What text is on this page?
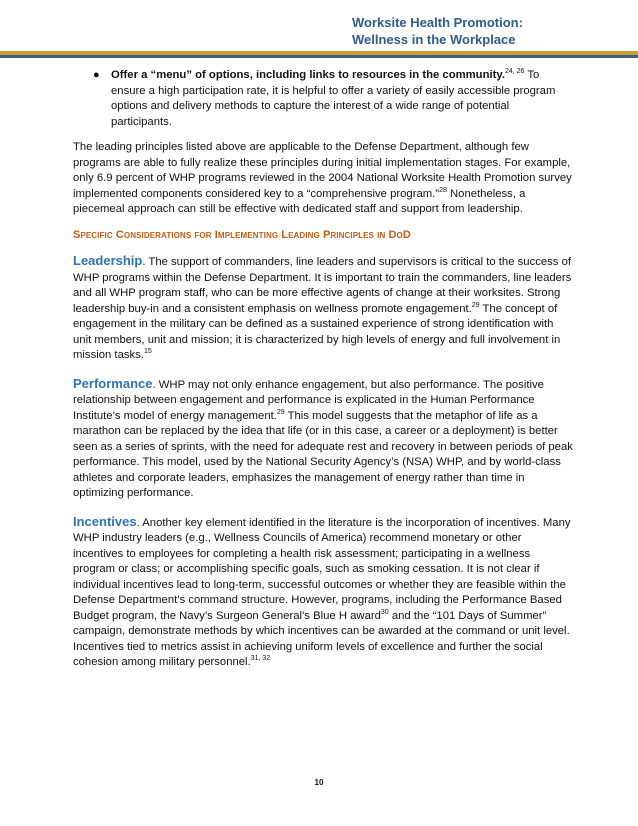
Worksite Health Promotion:
Wellness in the Workplace
● Offer a “menu” of options, including links to resources in the community.$^{24, 26}$ To ensure a high participation rate, it is helpful to offer a variety of easily accessible program options and delivery methods to capture the interest of a wide range of potential participants.

The leading principles listed above are applicable to the Defense Department, although few programs are able to fully realize these principles during initial implementation stages. For example, only 6.9 percent of WHP programs reviewed in the 2004 National Worksite Health Promotion survey implemented components considered key to a “comprehensive program.”$^{28}$ Nonetheless, a piecemeal approach can still be effective with dedicated staff and support from leadership.

Specific Considerations for Implementing Leading Principles in DoD

Leadership. The support of commanders, line leaders and supervisors is critical to the success of WHP programs within the Defense Department. It is important to train the commanders, line leaders and all WHP program staff, who can be more effective agents of change at their worksites. Strong leadership buy-in and a consistent emphasis on wellness promote engagement.$^{29}$ The concept of engagement in the military can be defined as a sustained experience of strong identification with unit members, unit and mission; it is characterized by high levels of energy and full involvement in mission tasks.$^{15}$

Performance. WHP may not only enhance engagement, but also performance. The positive relationship between engagement and performance is explicated in the Human Performance Institute’s model of energy management.$^{29}$ This model suggests that the metaphor of life as a marathon can be replaced by the idea that life (or in this case, a career or a deployment) is better seen as a series of sprints, with the need for adequate rest and recovery in between periods of peak performance. This model, used by the National Security Agency’s (NSA) WHP, and by world-class athletes and corporate leaders, emphasizes the management of energy rather than time in optimizing performance.

Incentives. Another key element identified in the literature is the incorporation of incentives. Many WHP industry leaders (e.g., Wellness Councils of America) recommend monetary or other incentives to employees for completing a health risk assessment; participating in a wellness program or class; or accomplishing specific goals, such as smoking cessation. It is not clear if individual incentives lead to long-term, successful outcomes or whether they are feasible within the Defense Department’s command structure. However, programs, including the Performance Based Budget program, the Navy’s Surgeon General’s Blue H award$^{30}$ and the “101 Days of Summer” campaign, demonstrate methods by which incentives can be awarded at the command or unit level. Incentives tied to metrics assist in achieving uniform levels of excellence and further the social cohesion among military personnel.$^{31, 32}$

10
